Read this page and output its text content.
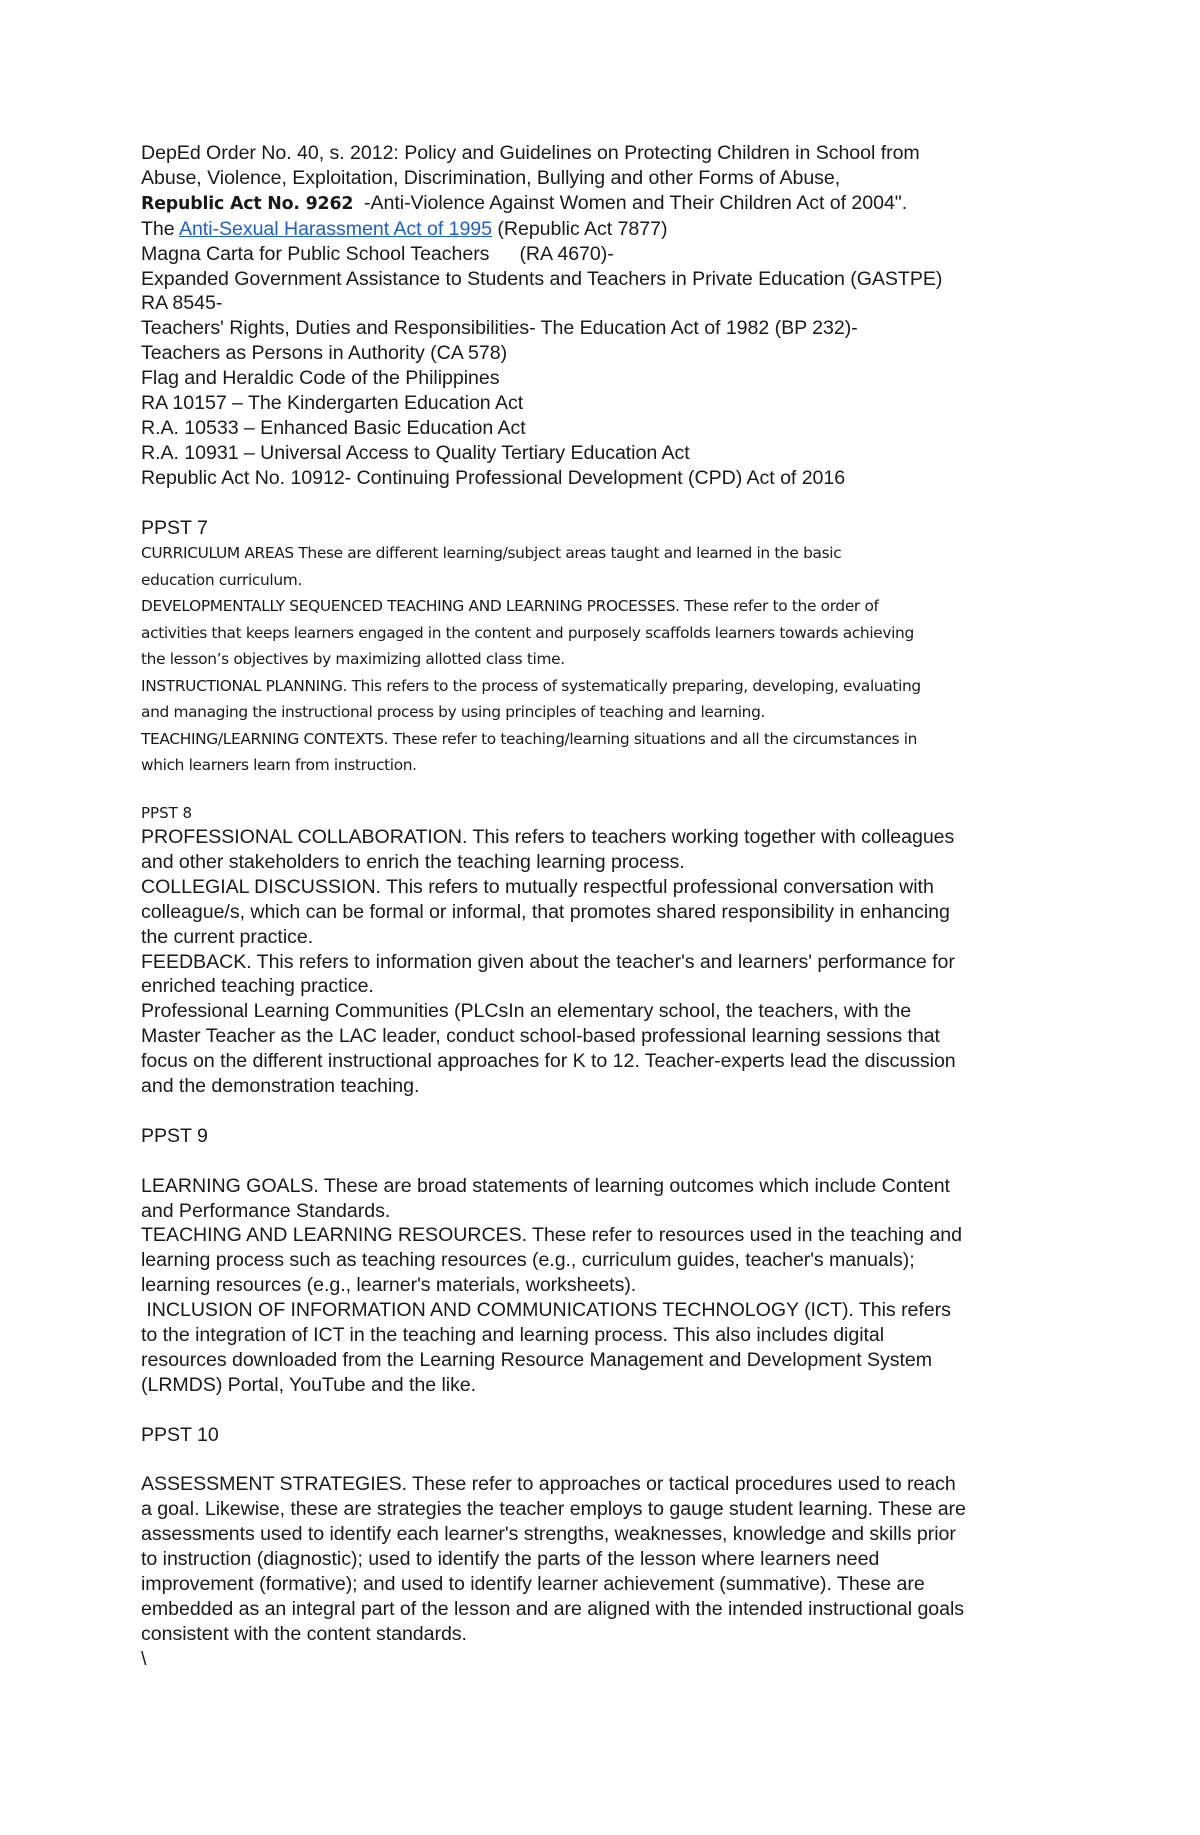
DepEd Order No. 40, s. 2012: Policy and Guidelines on Protecting Children in School from
Abuse, Violence, Exploitation, Discrimination, Bullying and other Forms of Abuse,
Republic Act No. 9262 -Anti-Violence Against Women and Their Children Act of 2004".
The Anti-Sexual Harassment Act of 1995 (Republic Act 7877)
Magna Carta for Public School Teachers (RA 4670)-
Expanded Government Assistance to Students and Teachers in Private Education (GASTPE)
RA 8545-
Teachers' Rights, Duties and Responsibilities- The Education Act of 1982 (BP 232)-
Teachers as Persons in Authority (CA 578)
Flag and Heraldic Code of the Philippines
RA 10157 – The Kindergarten Education Act
R.A. 10533 – Enhanced Basic Education Act
R.A. 10931 – Universal Access to Quality Tertiary Education Act
Republic Act No. 10912- Continuing Professional Development (CPD) Act of 2016
PPST 7
CURRICULUM AREAS These are different learning/subject areas taught and learned in the basic
education curriculum.
DEVELOPMENTALLY SEQUENCED TEACHING AND LEARNING PROCESSES. These refer to the order of
activities that keeps learners engaged in the content and purposely scaffolds learners towards achieving
the lesson’s objectives by maximizing allotted class time.
INSTRUCTIONAL PLANNING. This refers to the process of systematically preparing, developing, evaluating
and managing the instructional process by using principles of teaching and learning.
TEACHING/LEARNING CONTEXTS. These refer to teaching/learning situations and all the circumstances in
which learners learn from instruction.
PPST 8
PROFESSIONAL COLLABORATION. This refers to teachers working together with colleagues
and other stakeholders to enrich the teaching learning process.
COLLEGIAL DISCUSSION. This refers to mutually respectful professional conversation with
colleague/s, which can be formal or informal, that promotes shared responsibility in enhancing
the current practice.
FEEDBACK. This refers to information given about the teacher's and learners' performance for
enriched teaching practice.
Professional Learning Communities (PLCsIn an elementary school, the teachers, with the
Master Teacher as the LAC leader, conduct school-based professional learning sessions that
focus on the different instructional approaches for K to 12. Teacher-experts lead the discussion
and the demonstration teaching.
PPST 9
LEARNING GOALS. These are broad statements of learning outcomes which include Content
and Performance Standards.
TEACHING AND LEARNING RESOURCES. These refer to resources used in the teaching and
learning process such as teaching resources (e.g., curriculum guides, teacher's manuals);
learning resources (e.g., learner's materials, worksheets).
INCLUSION OF INFORMATION AND COMMUNICATIONS TECHNOLOGY (ICT). This refers
to the integration of ICT in the teaching and learning process. This also includes digital
resources downloaded from the Learning Resource Management and Development System
(LRMDS) Portal, YouTube and the like.
PPST 10
ASSESSMENT STRATEGIES. These refer to approaches or tactical procedures used to reach
a goal. Likewise, these are strategies the teacher employs to gauge student learning. These are
assessments used to identify each learner's strengths, weaknesses, knowledge and skills prior
to instruction (diagnostic); used to identify the parts of the lesson where learners need
improvement (formative); and used to identify learner achievement (summative). These are
embedded as an integral part of the lesson and are aligned with the intended instructional goals
consistent with the content standards.
\
